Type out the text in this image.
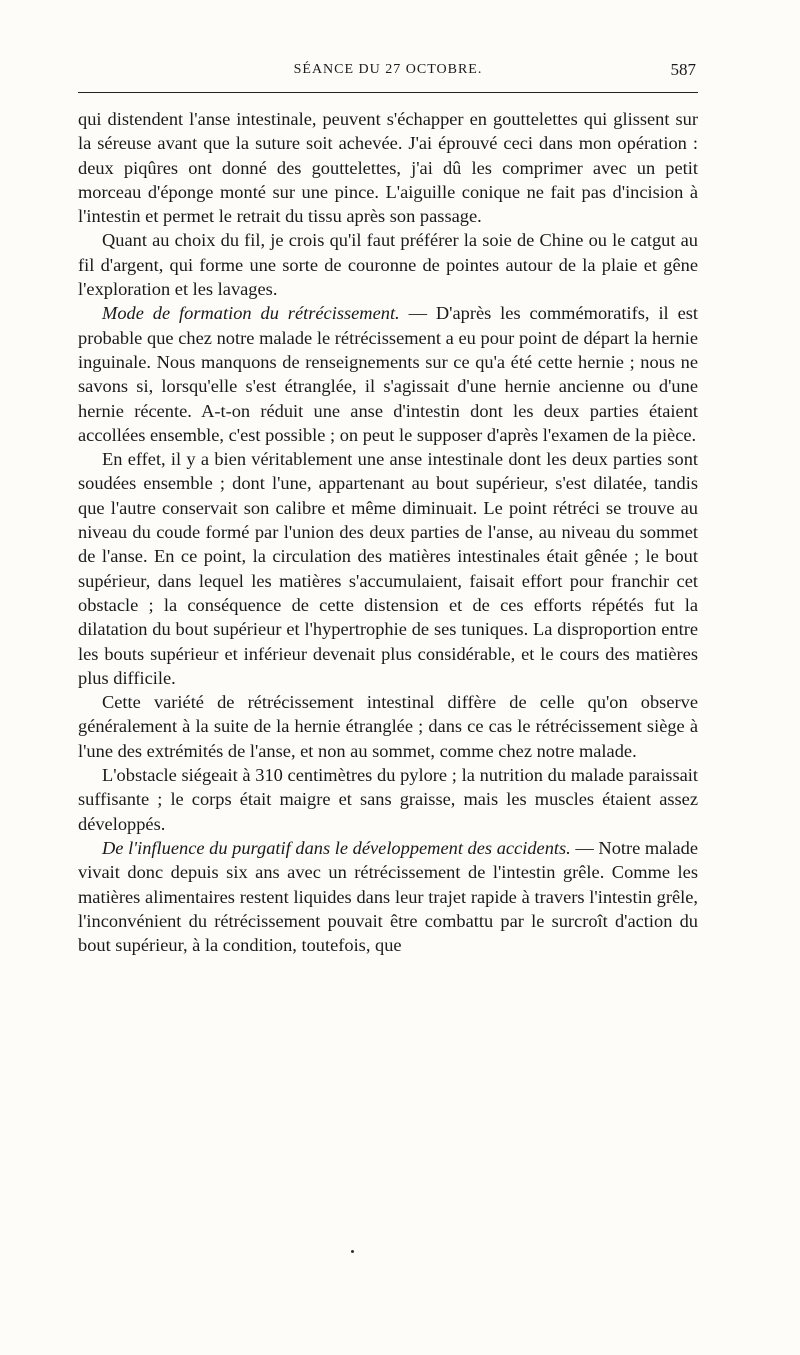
SÉANCE DU 27 OCTOBRE.	587

qui distendent l'anse intestinale, peuvent s'échapper en gouttelettes qui glissent sur la séreuse avant que la suture soit achevée. J'ai éprouvé ceci dans mon opération : deux piqûres ont donné des gouttelettes, j'ai dû les comprimer avec un petit morceau d'éponge monté sur une pince. L'aiguille conique ne fait pas d'incision à l'intestin et permet le retrait du tissu après son passage.

Quant au choix du fil, je crois qu'il faut préférer la soie de Chine ou le catgut au fil d'argent, qui forme une sorte de couronne de pointes autour de la plaie et gêne l'exploration et les lavages.

Mode de formation du rétrécissement. — D'après les commémoratifs, il est probable que chez notre malade le rétrécissement a eu pour point de départ la hernie inguinale. Nous manquons de renseignements sur ce qu'a été cette hernie ; nous ne savons si, lorsqu'elle s'est étranglée, il s'agissait d'une hernie ancienne ou d'une hernie récente. A-t-on réduit une anse d'intestin dont les deux parties étaient accollées ensemble, c'est possible ; on peut le supposer d'après l'examen de la pièce.

En effet, il y a bien véritablement une anse intestinale dont les deux parties sont soudées ensemble ; dont l'une, appartenant au bout supérieur, s'est dilatée, tandis que l'autre conservait son calibre et même diminuait. Le point rétréci se trouve au niveau du coude formé par l'union des deux parties de l'anse, au niveau du sommet de l'anse. En ce point, la circulation des matières intestinales était gênée ; le bout supérieur, dans lequel les matières s'accumulaient, faisait effort pour franchir cet obstacle ; la conséquence de cette distension et de ces efforts répétés fut la dilatation du bout supérieur et l'hypertrophie de ses tuniques. La disproportion entre les bouts supérieur et inférieur devenait plus considérable, et le cours des matières plus difficile.

Cette variété de rétrécissement intestinal diffère de celle qu'on observe généralement à la suite de la hernie étranglée ; dans ce cas le rétrécissement siège à l'une des extrémités de l'anse, et non au sommet, comme chez notre malade.

L'obstacle siégeait à 310 centimètres du pylore ; la nutrition du malade paraissait suffisante ; le corps était maigre et sans graisse, mais les muscles étaient assez développés.

De l'influence du purgatif dans le développement des accidents. — Notre malade vivait donc depuis six ans avec un rétrécissement de l'intestin grêle. Comme les matières alimentaires restent liquides dans leur trajet rapide à travers l'intestin grêle, l'inconvénient du rétrécissement pouvait être combattu par le surcroît d'action du bout supérieur, à la condition, toutefois, que
